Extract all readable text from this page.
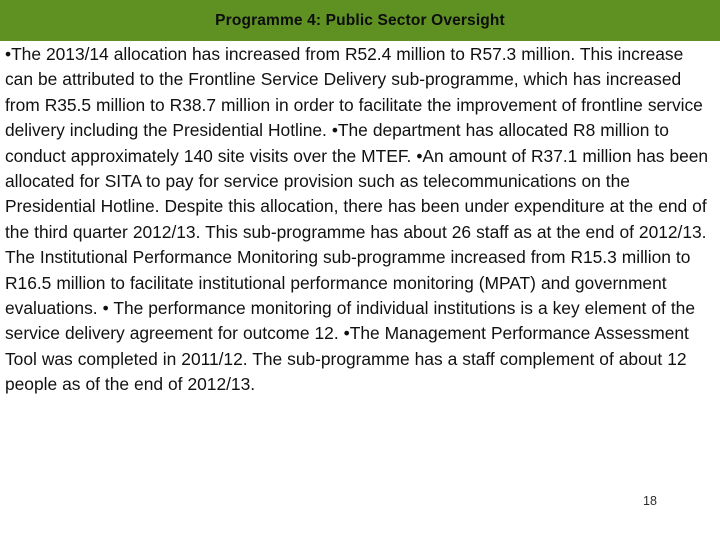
Programme 4: Public Sector Oversight

•The 2013/14 allocation has increased from R52.4 million to R57.3 million. This increase can be attributed to the Frontline Service Delivery sub-programme, which has increased from R35.5 million to R38.7 million in order to facilitate the improvement of frontline service delivery including the Presidential Hotline. •The department has allocated R8 million to conduct approximately 140 site visits over the MTEF. •An amount of R37.1 million has been allocated for SITA to pay for service provision such as telecommunications on the Presidential Hotline. Despite this allocation, there has been under expenditure at the end of the third quarter 2012/13. This sub-programme has about 26 staff as at the end of 2012/13. The Institutional Performance Monitoring sub-programme increased from R15.3 million to R16.5 million to facilitate institutional performance monitoring (MPAT) and government evaluations. • The performance monitoring of individual institutions is a key element of the service delivery agreement for outcome 12. •The Management Performance Assessment Tool was completed in 2011/12. The sub-programme has a staff complement of about 12 people as of the end of 2012/13.

18
